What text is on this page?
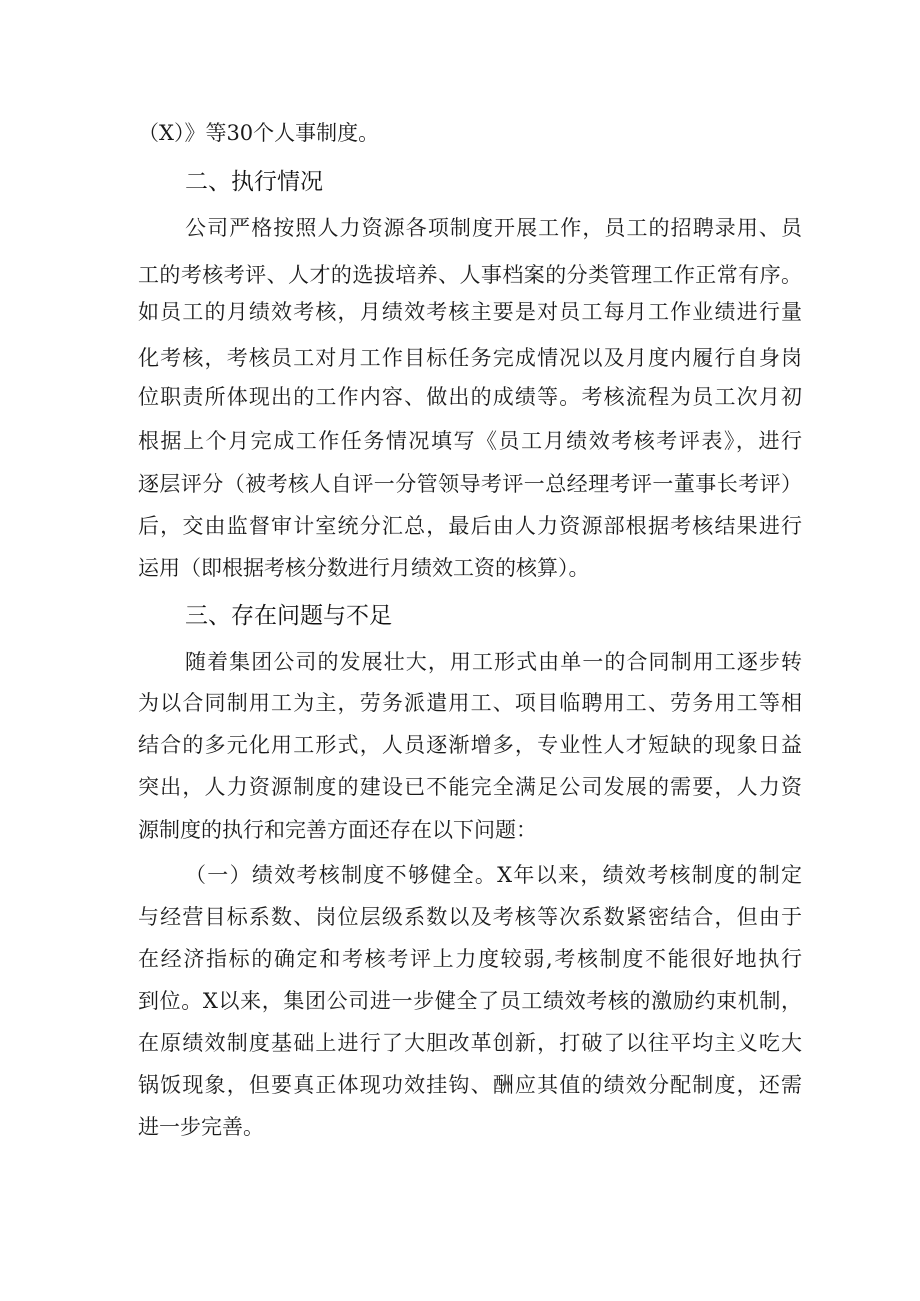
（X）》等30个人事制度。
二、执行情况
公司严格按照人力资源各项制度开展工作，员工的招聘录用、员
工的考核考评、人才的选拔培养、人事档案的分类管理工作正常有序。
如员工的月绩效考核，月绩效考核主要是对员工每月工作业绩进行量
化考核，考核员工对月工作目标任务完成情况以及月度内履行自身岗
位职责所体现出的工作内容、做出的成绩等。考核流程为员工次月初
根据上个月完成工作任务情况填写《员工月绩效考核考评表》，进行
逐层评分（被考核人自评一分管领导考评一总经理考评一董事长考评）
后，交由监督审计室统分汇总，最后由人力资源部根据考核结果进行
运用（即根据考核分数进行月绩效工资的核算）。
三、存在问题与不足
随着集团公司的发展壮大，用工形式由单一的合同制用工逐步转
为以合同制用工为主，劳务派遣用工、项目临聘用工、劳务用工等相
结合的多元化用工形式，人员逐渐增多，专业性人才短缺的现象日益
突出，人力资源制度的建设已不能完全满足公司发展的需要，人力资
源制度的执行和完善方面还存在以下问题：
（一）绩效考核制度不够健全。X年以来，绩效考核制度的制定
与经营目标系数、岗位层级系数以及考核等次系数紧密结合，但由于
在经济指标的确定和考核考评上力度较弱,考核制度不能很好地执行
到位。X以来，集团公司进一步健全了员工绩效考核的激励约束机制，
在原绩效制度基础上进行了大胆改革创新，打破了以往平均主义吃大
锅饭现象，但要真正体现功效挂钩、酬应其值的绩效分配制度，还需
进一步完善。
